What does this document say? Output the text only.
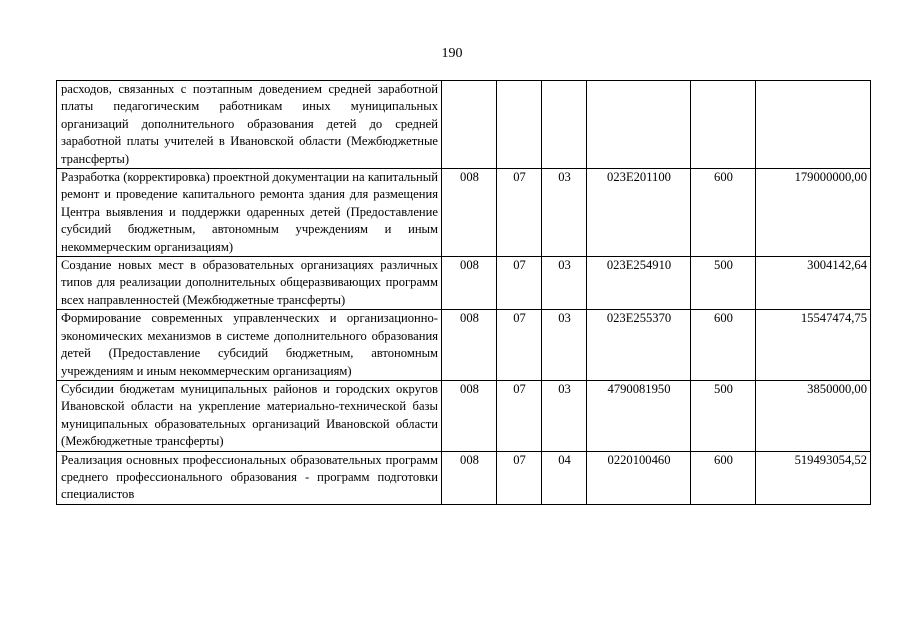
190
расходов, связанных с поэтапным доведением средней заработной платы педагогическим работникам иных муниципальных организаций дополнительного образования детей до средней заработной платы учителей в Ивановской области (Межбюджетные трансферты)						
Разработка (корректировка) проектной документации на капитальный ремонт и проведение капитального ремонта здания для размещения Центра выявления и поддержки одаренных детей (Предоставление субсидий бюджетным, автономным учреждениям и иным некоммерческим организациям)	008	07	03	023E201100	600	179000000,00
Создание новых мест в образовательных организациях различных типов для реализации дополнительных общеразвивающих программ всех направленностей (Межбюджетные трансферты)	008	07	03	023E254910	500	3004142,64
Формирование современных управленческих и организационно-экономических механизмов в системе дополнительного образования детей (Предоставление субсидий бюджетным, автономным учреждениям и иным некоммерческим организациям)	008	07	03	023E255370	600	15547474,75
Субсидии бюджетам муниципальных районов и городских округов Ивановской области на укрепление материально-технической базы муниципальных образовательных организаций Ивановской области (Межбюджетные трансферты)	008	07	03	4790081950	500	3850000,00
Реализация основных профессиональных образовательных программ среднего профессионального образования - программ подготовки специалистов	008	07	04	0220100460	600	519493054,52
